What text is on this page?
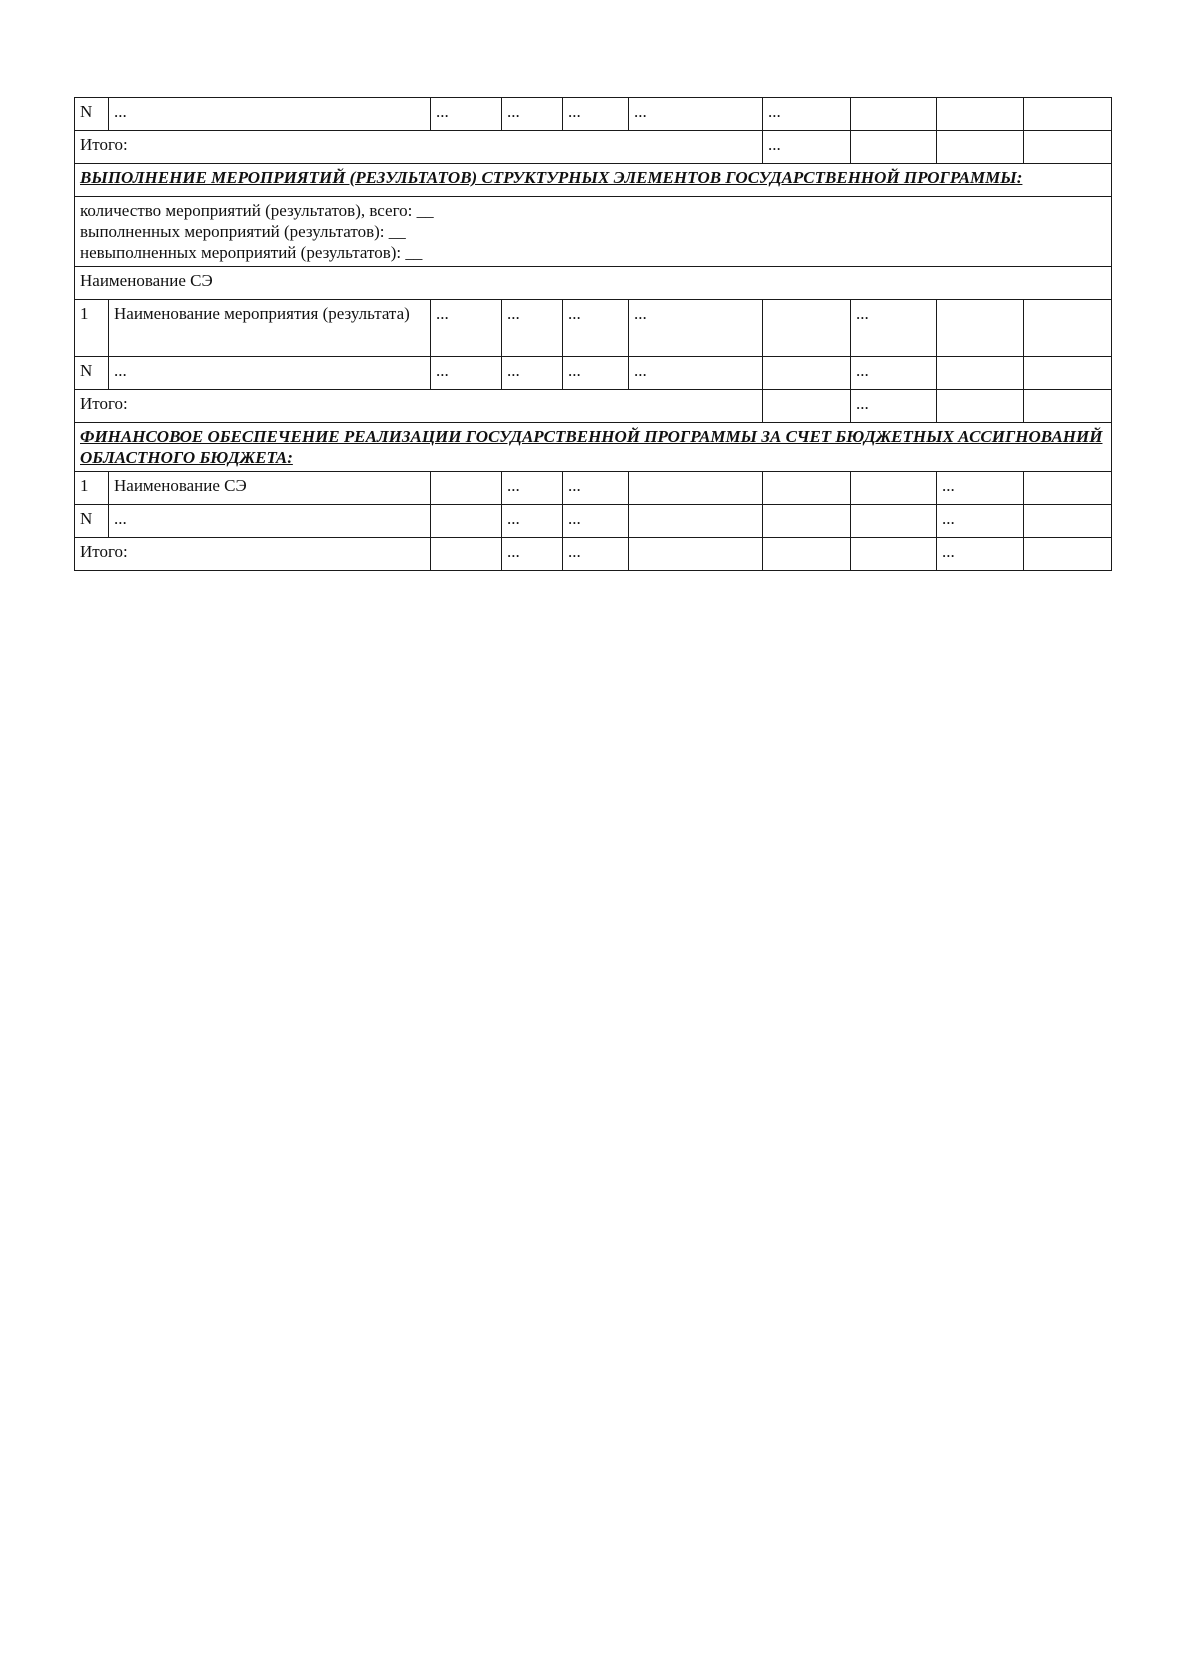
N	...	...	...	...	...	...			
Итого:						...			
ВЫПОЛНЕНИЕ МЕРОПРИЯТИЙ (РЕЗУЛЬТАТОВ) СТРУКТУРНЫХ ЭЛЕМЕНТОВ ГОСУДАРСТВЕННОЙ ПРОГРАММЫ:									

количество мероприятий (результатов), всего: __
выполненных мероприятий (результатов): __
невыполненных мероприятий (результатов): __									

Наименование СЭ									
1	Наименование мероприятия (результата)	...	...	...	...		...		
N	...	...	...	...	...		...		
Итого:							...		
ФИНАНСОВОЕ ОБЕСПЕЧЕНИЕ РЕАЛИЗАЦИИ ГОСУДАРСТВЕННОЙ ПРОГРАММЫ ЗА СЧЕТ БЮДЖЕТНЫХ АССИГНОВАНИЙ ОБЛАСТНОГО БЮДЖЕТА:									
1	Наименование СЭ		...	...				...	
N	...		...	...				...	
Итого:			...	...				...	
